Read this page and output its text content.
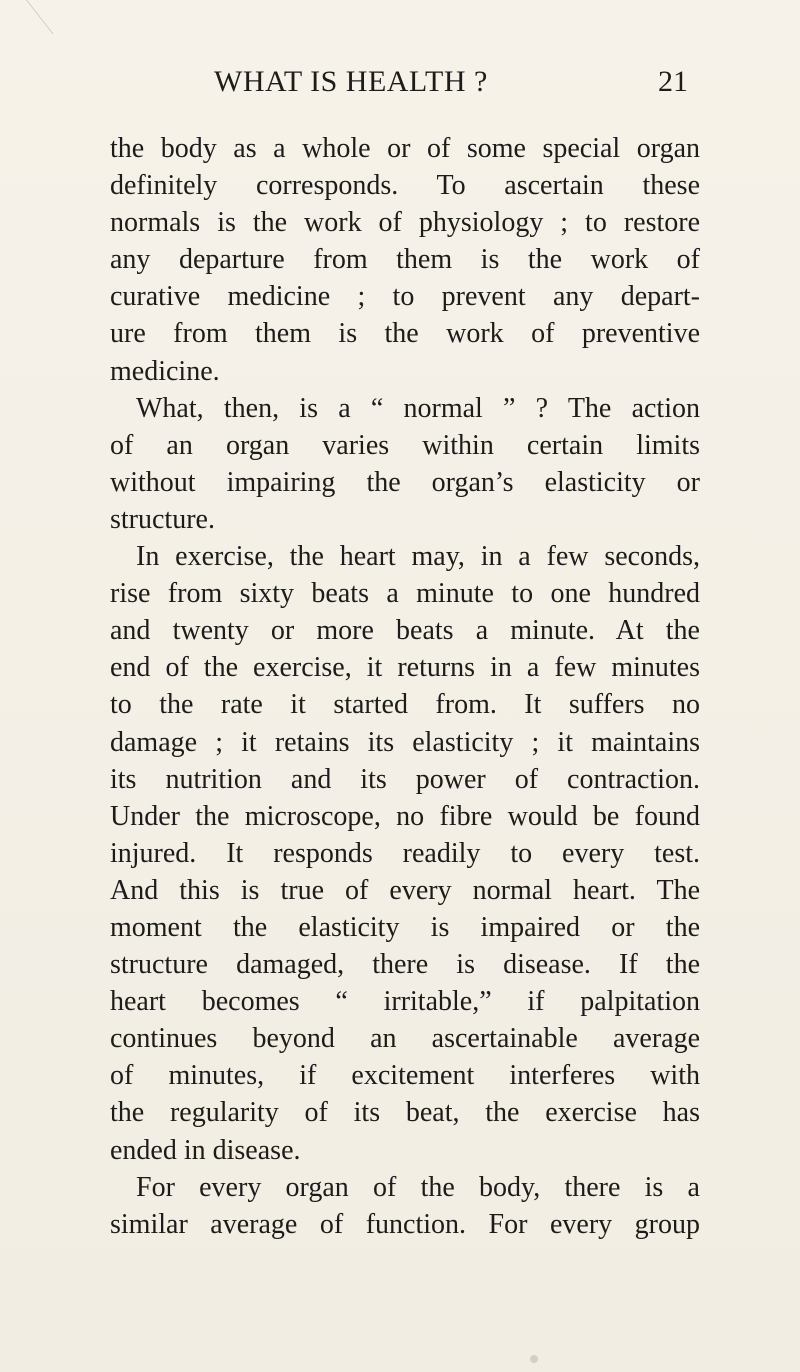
WHAT IS HEALTH ?	21
the body as a whole or of some special organ
definitely corresponds. To ascertain these
normals is the work of physiology ; to restore
any departure from them is the work of
curative medicine ; to prevent any depart-
ure from them is the work of preventive
medicine.
What, then, is a “ normal ” ? The action
of an organ varies within certain limits
without impairing the organ’s elasticity or
structure.
In exercise, the heart may, in a few seconds,
rise from sixty beats a minute to one hundred
and twenty or more beats a minute. At the
end of the exercise, it returns in a few minutes
to the rate it started from. It suffers no
damage ; it retains its elasticity ; it maintains
its nutrition and its power of contraction.
Under the microscope, no fibre would be found
injured. It responds readily to every test.
And this is true of every normal heart. The
moment the elasticity is impaired or the
structure damaged, there is disease. If the
heart becomes “ irritable,” if palpitation
continues beyond an ascertainable average
of minutes, if excitement interferes with
the regularity of its beat, the exercise has
ended in disease.
For every organ of the body, there is a
similar average of function. For every group
